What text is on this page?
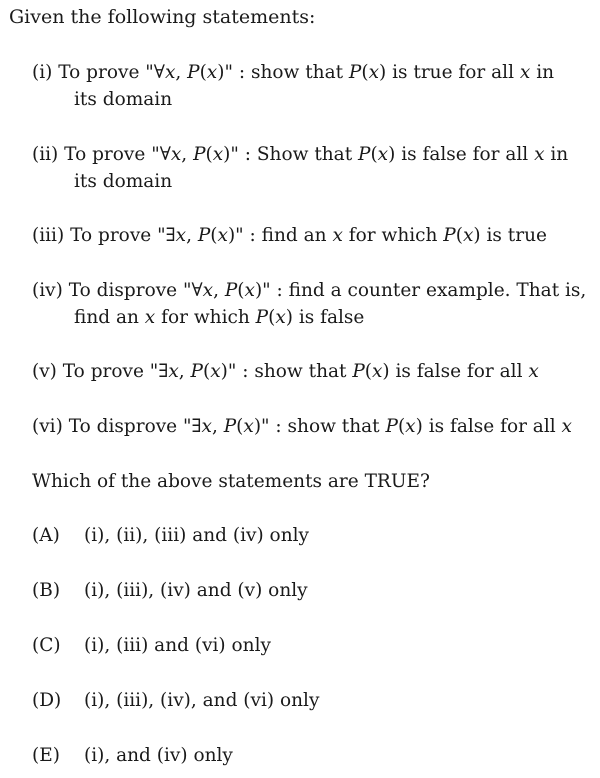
Given the following statements:
(i) To prove "∀𝑥, 𝑃(𝑥)" : show that 𝑃(𝑥) is true for all 𝑥 in
its domain
(ii) To prove "∀𝑥, 𝑃(𝑥)" : Show that 𝑃(𝑥) is false for all 𝑥 in
its domain
(iii) To prove "∃𝑥, 𝑃(𝑥)" : find an 𝑥 for which 𝑃(𝑥) is true
(iv) To disprove "∀𝑥, 𝑃(𝑥)" : find a counter example. That is,
find an 𝑥 for which 𝑃(𝑥) is false
(v) To prove "∃𝑥, 𝑃(𝑥)" : show that 𝑃(𝑥) is false for all 𝑥
(vi) To disprove "∃𝑥, 𝑃(𝑥)" : show that 𝑃(𝑥) is false for all 𝑥
Which of the above statements are TRUE?
(A) (i), (ii), (iii) and (iv) only
(B) (i), (iii), (iv) and (v) only
(C) (i), (iii) and (vi) only
(D) (i), (iii), (iv), and (vi) only
(E) (i), and (iv) only
